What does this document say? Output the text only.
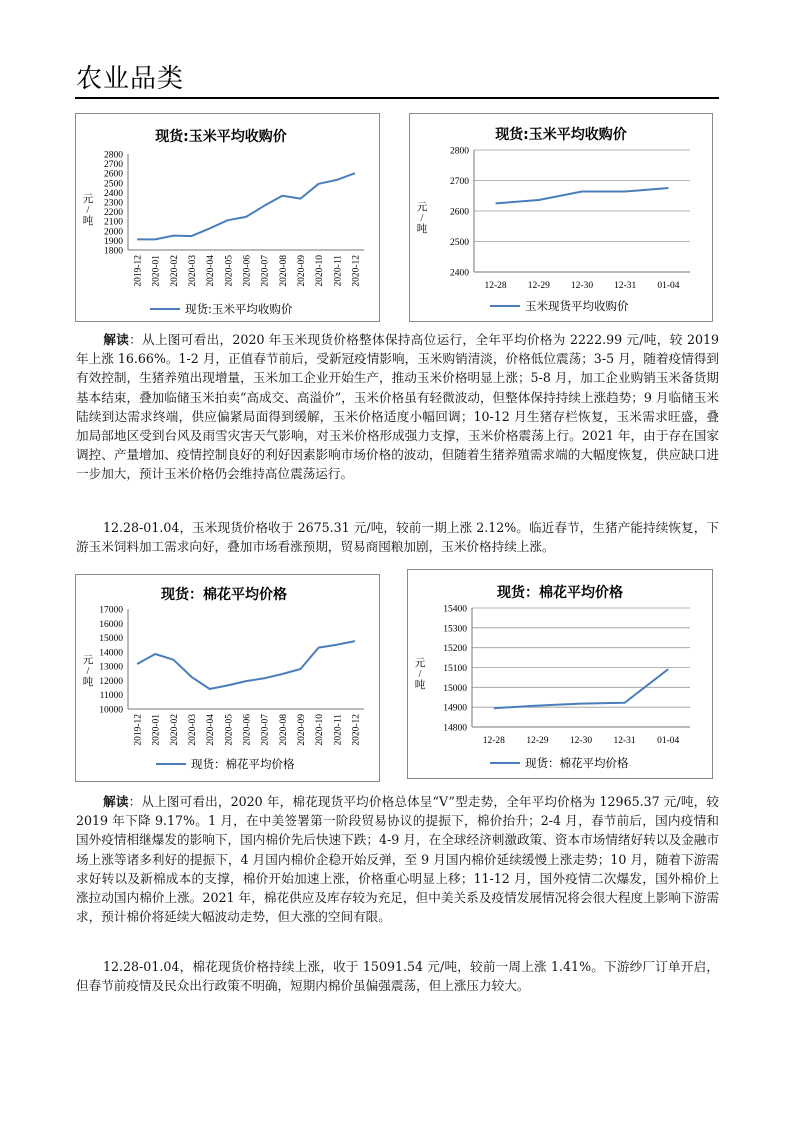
农业品类
现货:玉米平均收购价
1800
1900
2000
2100
2200
2300
2400
2500
2600
2700
2800
2019-12 2020-01 2020-02 2020-03 2020-04 2020-05 2020-06 2020-07 2020-08 2020-09 2020-10 2020-11 2020-12
元
/
吨
现货:玉米平均收购价
现货:玉米平均收购价
2400
2500
2600
2700
2800
12-28 12-29 12-30 12-31 01-04
元
/
吨
玉米现货平均收购价

解读：从上图可看出，2020 年玉米现货价格整体保持高位运行，全年平均价格为 2222.99 元/吨，较 2019 年上涨 16.66%。1-2 月，正值春节前后，受新冠疫情影响，玉米购销清淡，价格低位震荡；3-5 月，随着疫情得到有效控制，生猪养殖出现增量，玉米加工企业开始生产，推动玉米价格明显上涨；5-8 月，加工企业购销玉米备货期基本结束，叠加临储玉米拍卖“高成交、高溢价”，玉米价格虽有轻微波动，但整体保持持续上涨趋势；9 月临储玉米陆续到达需求终端，供应偏紧局面得到缓解，玉米价格适度小幅回调；10-12 月生猪存栏恢复，玉米需求旺盛，叠加局部地区受到台风及雨雪灾害天气影响，对玉米价格形成强力支撑，玉米价格震荡上行。2021 年，由于存在国家调控、产量增加、疫情控制良好的利好因素影响市场价格的波动，但随着生猪养殖需求端的大幅度恢复，供应缺口进一步加大，预计玉米价格仍会维持高位震荡运行。

12.28-01.04，玉米现货价格收于 2675.31 元/吨，较前一期上涨 2.12%。临近春节，生猪产能持续恢复，下游玉米饲料加工需求向好，叠加市场看涨预期，贸易商囤粮加剧，玉米价格持续上涨。

现货：棉花平均价格
10000
11000
12000
13000
14000
15000
16000
17000
2019-12 2020-01 2020-02 2020-03 2020-04 2020-05 2020-06 2020-07 2020-08 2020-09 2020-10 2020-11 2020-12
元
/
吨
现货：棉花平均价格
现货：棉花平均价格
14800
14900
15000
15100
15200
15300
15400
12-28 12-29 12-30 12-31 01-04
元
/
吨
现货：棉花平均价格

解读：从上图可看出，2020 年，棉花现货平均价格总体呈“V”型走势，全年平均价格为 12965.37 元/吨，较 2019 年下降 9.17%。1 月，在中美签署第一阶段贸易协议的提振下，棉价抬升；2-4 月，春节前后，国内疫情和国外疫情相继爆发的影响下，国内棉价先后快速下跌；4-9 月，在全球经济刺激政策、资本市场情绪好转以及金融市场上涨等诸多利好的提振下，4 月国内棉价企稳开始反弹，至 9 月国内棉价延续缓慢上涨走势；10 月，随着下游需求好转以及新棉成本的支撑，棉价开始加速上涨，价格重心明显上移；11-12 月，国外疫情二次爆发，国外棉价上涨拉动国内棉价上涨。2021 年，棉花供应及库存较为充足，但中美关系及疫情发展情况将会很大程度上影响下游需求，预计棉价将延续大幅波动走势，但大涨的空间有限。

12.28-01.04，棉花现货价格持续上涨，收于 15091.54 元/吨，较前一周上涨 1.41%。下游纱厂订单开启，但春节前疫情及民众出行政策不明确，短期内棉价虽偏强震荡，但上涨压力较大。
